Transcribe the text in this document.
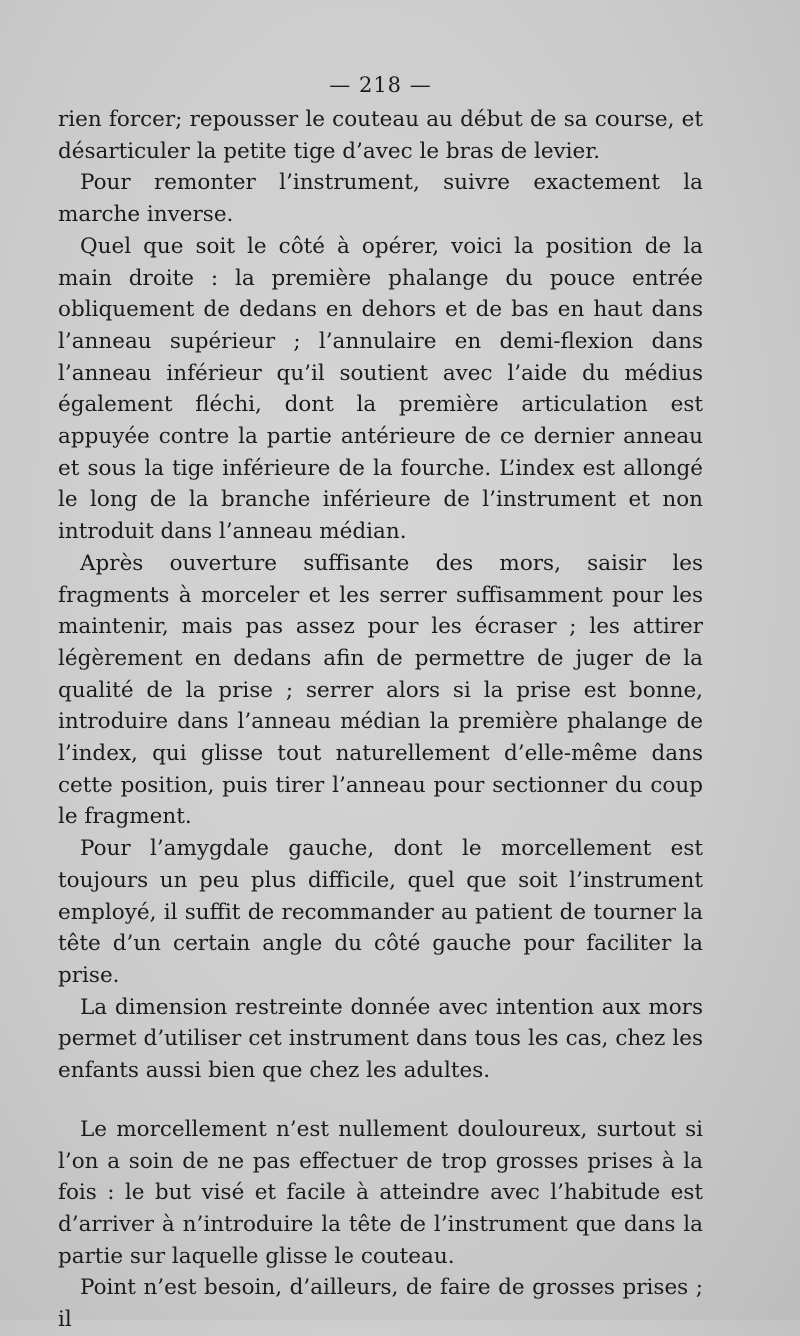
— 218 —

rien forcer; repousser le couteau au début de sa course, et désarticuler la petite tige d’avec le bras de levier.

Pour remonter l’instrument, suivre exactement la marche inverse.

Quel que soit le côté à opérer, voici la position de la main droite : la première phalange du pouce entrée obliquement de dedans en dehors et de bas en haut dans l’anneau supérieur ; l’annulaire en demi-flexion dans l’anneau inférieur qu’il soutient avec l’aide du médius également fléchi, dont la première articulation est appuyée contre la partie antérieure de ce dernier anneau et sous la tige inférieure de la fourche. L’index est allongé le long de la branche inférieure de l’instrument et non introduit dans l’anneau médian.

Après ouverture suffisante des mors, saisir les fragments à morceler et les serrer suffisamment pour les maintenir, mais pas assez pour les écraser ; les attirer légèrement en dedans afin de permettre de juger de la qualité de la prise ; serrer alors si la prise est bonne, introduire dans l’anneau médian la première phalange de l’index, qui glisse tout naturellement d’elle-même dans cette position, puis tirer l’anneau pour sectionner du coup le fragment.

Pour l’amygdale gauche, dont le morcellement est toujours un peu plus difficile, quel que soit l’instrument employé, il suffit de recommander au patient de tourner la tête d’un certain angle du côté gauche pour faciliter la prise.

La dimension restreinte donnée avec intention aux mors permet d’utiliser cet instrument dans tous les cas, chez les enfants aussi bien que chez les adultes.

Le morcellement n’est nullement douloureux, surtout si l’on a soin de ne pas effectuer de trop grosses prises à la fois : le but visé et facile à atteindre avec l’habitude est d’arriver à n’introduire la tête de l’instrument que dans la partie sur laquelle glisse le couteau.

Point n’est besoin, d’ailleurs, de faire de grosses prises ; il
